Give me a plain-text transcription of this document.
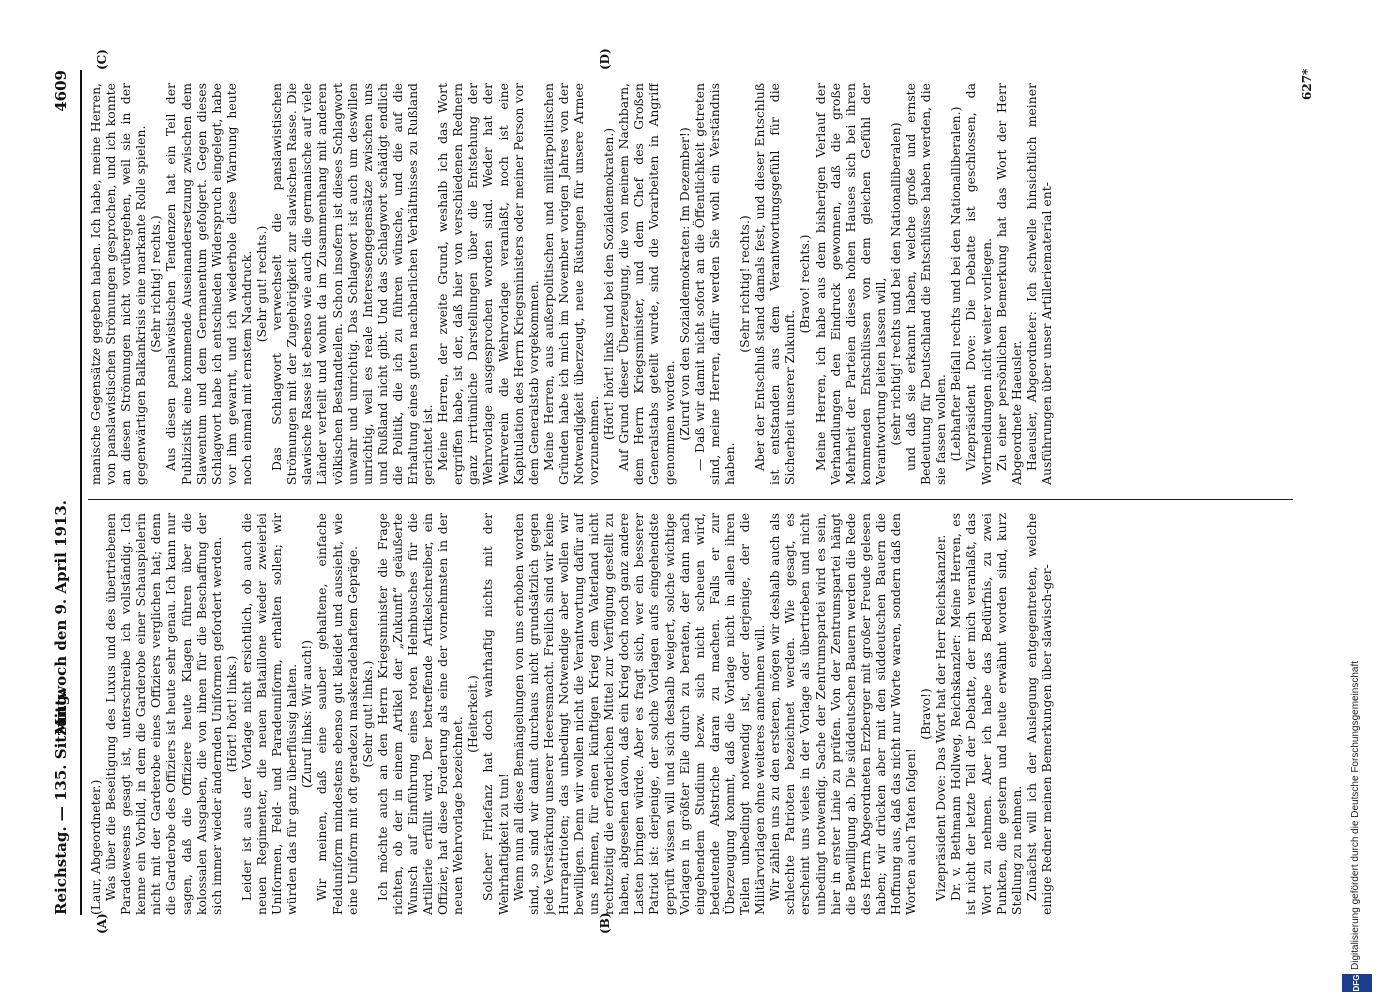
Reichstag. — 135. Sitzung.
Mittwoch den 9. April 1913.
4609
(A)	(B)
(C)	(D)

(Laur, Abgeordneter.) Was über die Beseitigung des Luxus und des übertriebenen Paradewesens gesagt ist, unterschreibe ich vollständig. Ich kenne ein Vorbild, in dem die Garderobe einer Schauspielerin nicht mit der Garderobe eines Offiziers verglichen hat; denn die Garderobe des Offiziers ist heute sehr genau. Ich kann nur sagen, daß die Offiziere heute Klagen führen über die kolossalen Ausgaben, die von ihnen für die Beschaffung der sich immer wieder ändernden Uniformen gefordert werden. (Hört! hört! links.) Leider ist aus der Vorlage nicht ersichtlich, ob auch die neuen Regimenter, die neuen Bataillone wieder zweierlei Uniformen, Feld- und Paradeuniform, erhalten sollen; wir würden das für ganz überflüssig halten. (Zuruf links: Wir auch!) Wir meinen, daß eine sauber gehaltene, einfache Felduniform mindestens ebenso gut kleidet und aussieht, wie eine Uniform mit oft geradezu maskeradehaftem Gepräge. (Sehr gut! links.) Ich möchte auch an den Herrn Kriegsminister die Frage richten, ob der in einem Artikel der „Zukunft“ geäußerte Wunsch auf Einführung eines roten Helmbusches für die Artillerie erfüllt wird. Der betreffende Artikelschreiber, ein Offizier, hat diese Forderung als eine der vornehmsten in der neuen Wehrvorlage bezeichnet.

(Heiterkeit.) Solcher Firlefanz hat doch wahrhaftig nichts mit der Wehrhaftigkeit zu tun! Wenn nun all diese Bemängelungen von uns erhoben worden sind, so sind wir damit durchaus nicht grundsätzlich gegen jede Verstärkung unserer Heeresmacht. Freilich sind wir keine Hurrapatrioten; das unbedingt Notwendige aber wollen wir bewilligen. Denn wir wollen nicht die Verantwortung dafür auf uns nehmen, für einen künftigen Krieg dem Vaterland nicht rechtzeitig die erforderlichen Mittel zur Verfügung gestellt zu haben, abgesehen davon, daß ein Krieg doch noch ganz andere Lasten bringen würde. Aber es fragt sich, wer ein besserer Patriot ist: derjenige, der solche Vorlagen aufs eingehendste geprüft wissen will und sich deshalb weigert, solche wichtige Vorlagen in größter Eile durch zu beraten, der dann nach eingehendem Studium bezw. sich nicht scheuen wird, bedeutende Abstriche daran zu machen. Falls er zur Überzeugung kommt, daß die Vorlage nicht in allen ihren Teilen unbedingt notwendig ist, oder derjenige, der die Militärvorlagen ohne weiteres annehmen will. Wir zählen uns zu den ersteren, mögen wir deshalb auch als schlechte Patrioten bezeichnet werden. Wie gesagt, es erscheint uns vieles in der Vorlage als übertrieben und nicht unbedingt notwendig. Sache der Zentrumspartei wird es sein, hier in erster Linie zu prüfen. Von der Zentrumspartei hängt die Bewilligung ab. Die süddeutschen Bauern werden die Rede des Herrn Abgeordneten Erzberger mit großer Freude gelesen haben; wir drücken aber mit den süddeutschen Bauern die Hoffnung aus, daß das nicht nur Worte waren, sondern daß den Worten auch Taten folgen!

(Bravo!) Vizepräsident Dove: Das Wort hat der Herr Reichskanzler. Dr. v. Bethmann Hollweg, Reichskanzler: Meine Herren, es ist nicht der letzte Teil der Debatte, der mich veranlaßt, das Wort zu nehmen. Aber ich habe das Bedürfnis, zu zwei Punkten, die gestern und heute erwähnt worden sind, kurz Stellung zu nehmen. Zunächst will ich der Auslegung entgegentreten, welche einige Redner meinen Bemerkungen über slawisch-ger-

manische Gegensätze gegeben haben. Ich habe, meine Herren, von panslawistischen Strömungen gesprochen, und ich konnte an diesen Strömungen nicht vorübergehen, weil sie in der gegenwärtigen Balkankrisis eine markante Rolle spielen. (Sehr richtig! rechts.) Aus diesen panslawistischen Tendenzen hat ein Teil der Publizistik eine kommende Auseinandersetzung zwischen dem Slawentum und dem Germanentum gefolgert. Gegen dieses Schlagwort habe ich entschieden Widerspruch eingelegt, habe vor ihm gewarnt, und ich wiederhole diese Warnung heute noch einmal mit ernstem Nachdruck. (Sehr gut! rechts.) Das Schlagwort verwechselt die panslawistischen Strömungen mit der Zugehörigkeit zur slawischen Rasse. Die slawische Rasse ist ebenso wie auch die germanische auf viele Länder verteilt und wohnt da im Zusammenhang mit anderen völkischen Bestandteilen. Schon insofern ist dieses Schlagwort unwahr und unrichtig. Das Schlagwort ist auch um deswillen unrichtig, weil es reale Interessengegensätze zwischen uns und Rußland nicht gibt. Und das Schlagwort schädigt endlich die Politik, die ich zu führen wünsche, und die auf die Erhaltung eines guten nachbarlichen Verhältnisses zu Rußland gerichtet ist. Meine Herren, der zweite Grund, weshalb ich das Wort ergriffen habe, ist der, daß hier von verschiedenen Rednern ganz irrtümliche Darstellungen über die Entstehung der Wehrvorlage ausgesprochen worden sind. Weder hat der Wehrverein die Wehrvorlage veranlaßt, noch ist eine Kapitulation des Herrn Kriegsministers oder meiner Person vor dem Generalstab vorgekommen. Meine Herren, aus außerpolitischen und militärpolitischen Gründen habe ich mich im November vorigen Jahres von der Notwendigkeit überzeugt, neue Rüstungen für unsere Armee vorzunehmen.

(Hört! hört! links und bei den Sozialdemokraten.) Auf Grund dieser Überzeugung, die von meinem Nachbarn, dem Herrn Kriegsminister, und dem Chef des Großen Generalstabs geteilt wurde, sind die Vorarbeiten in Angriff genommen worden. (Zuruf von den Sozialdemokraten: Im Dezember!) — Daß wir damit nicht sofort an die Öffentlichkeit getreten sind, meine Herren, dafür werden Sie wohl ein Verständnis haben.

(Sehr richtig! rechts.) Aber der Entschluß stand damals fest, und dieser Entschluß ist entstanden aus dem Verantwortungsgefühl für die Sicherheit unserer Zukunft.

(Bravo! rechts.) Meine Herren, ich habe aus dem bisherigen Verlauf der Verhandlungen den Eindruck gewonnen, daß die große Mehrheit der Parteien dieses hohen Hauses sich bei ihren kommenden Entschlüssen von dem gleichen Gefühl der Verantwortung leiten lassen will, (sehr richtig! rechts und bei den Nationalliberalen) und daß sie erkannt haben, welche große und ernste Bedeutung für Deutschland die Entschlüsse haben werden, die sie fassen wollen. (Lebhafter Beifall rechts und bei den Nationalliberalen.) Vizepräsident Dove: Die Debatte ist geschlossen, da Wortmeldungen nicht weiter vorliegen. Zu einer persönlichen Bemerkung hat das Wort der Herr Abgeordnete Haeusler. Haeusler, Abgeordneter: Ich schwelle hinsichtlich meiner Ausführungen über unser Artilleriematerial ent-

627*
DFG
Digitalisierung gefördert durch die Deutsche Forschungsgemeinschaft
